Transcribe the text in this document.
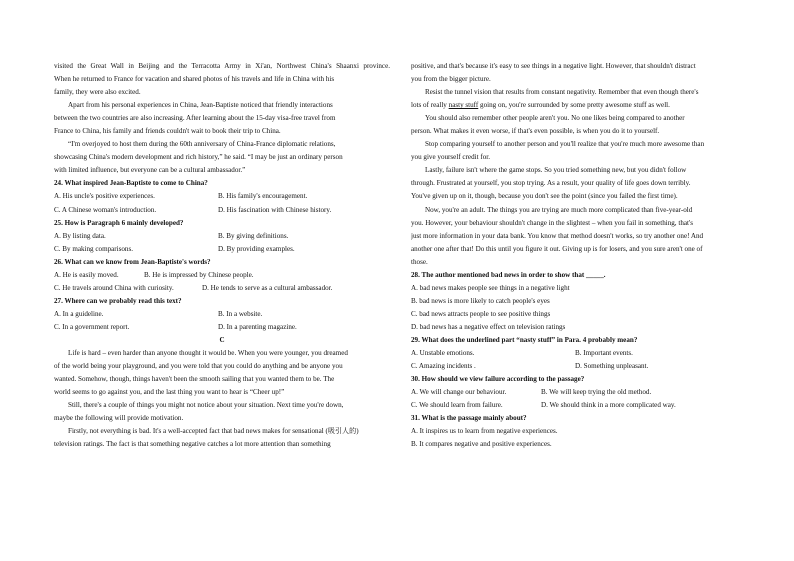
visited the Great Wall in Beijing and the Terracotta Army in Xi'an, Northwest China's Shaanxi province.
When he returned to France for vacation and shared photos of his travels and life in China with his
family, they were also excited.
Apart from his personal experiences in China, Jean-Baptiste noticed that friendly interactions
between the two countries are also increasing. After learning about the 15-day visa-free travel from
France to China, his family and friends couldn't wait to book their trip to China.
“I'm overjoyed to host them during the 60th anniversary of China-France diplomatic relations,
showcasing China's modern development and rich history,” he said. “I may be just an ordinary person
with limited influence, but everyone can be a cultural ambassador.”
24. What inspired Jean-Baptiste to come to China?
A. His uncle's positive experiences.	B. His family's encouragement.
C. A Chinese woman's introduction.	D. His fascination with Chinese history.
25. How is Paragraph 6 mainly developed?
A. By listing data.	B. By giving definitions.
C. By making comparisons.	D. By providing examples.
26. What can we know from Jean-Baptiste's words?
A. He is easily moved.	B. He is impressed by Chinese people.
C. He travels around China with curiosity.	D. He tends to serve as a cultural ambassador.
27. Where can we probably read this text?
A. In a guideline.	B. In a website.
C. In a government report.	D. In a parenting magazine.
C
Life is hard – even harder than anyone thought it would be. When you were younger, you dreamed
of the world being your playground, and you were told that you could do anything and be anyone you
wanted. Somehow, though, things haven't been the smooth sailing that you wanted them to be. The
world seems to go against you, and the last thing you want to hear is “Cheer up!”
Still, there's a couple of things you might not notice about your situation. Next time you're down,
maybe the following will provide motivation.
Firstly, not everything is bad. It's a well-accepted fact that bad news makes for sensational (吸引人的)
television ratings. The fact is that something negative catches a lot more attention than something
positive, and that's because it's easy to see things in a negative light. However, that shouldn't distract
you from the bigger picture.
Resist the tunnel vision that results from constant negativity. Remember that even though there's
lots of really nasty stuff going on, you're surrounded by some pretty awesome stuff as well.
You should also remember other people aren't you. No one likes being compared to another
person. What makes it even worse, if that's even possible, is when you do it to yourself.
Stop comparing yourself to another person and you'll realize that you're much more awesome than
you give yourself credit for.
Lastly, failure isn't where the game stops. So you tried something new, but you didn't follow
through. Frustrated at yourself, you stop trying. As a result, your quality of life goes down terribly.
You've given up on it, though, because you don't see the point (since you failed the first time).
Now, you're an adult. The things you are trying are much more complicated than five-year-old
you. However, your behaviour shouldn't change in the slightest – when you fail in something, that's
just more information in your data bank. You know that method doesn't works, so try another one! And
another one after that! Do this until you figure it out. Giving up is for losers, and you sure aren't one of
those.
28. The author mentioned bad news in order to show that _____.
A. bad news makes people see things in a negative light
B. bad news is more likely to catch people's eyes
C. bad news attracts people to see positive things
D. bad news has a negative effect on television ratings
29. What does the underlined part “nasty stuff” in Para. 4 probably mean?
A. Unstable emotions.	B. Important events.
C. Amazing incidents .	D. Something unpleasant.
30. How should we view failure according to the passage?
A. We will change our behaviour.	B. We will keep trying the old method.
C. We should learn from failure.	D. We should think in a more complicated way.
31. What is the passage mainly about?
A. It inspires us to learn from negative experiences.
B. It compares negative and positive experiences.
